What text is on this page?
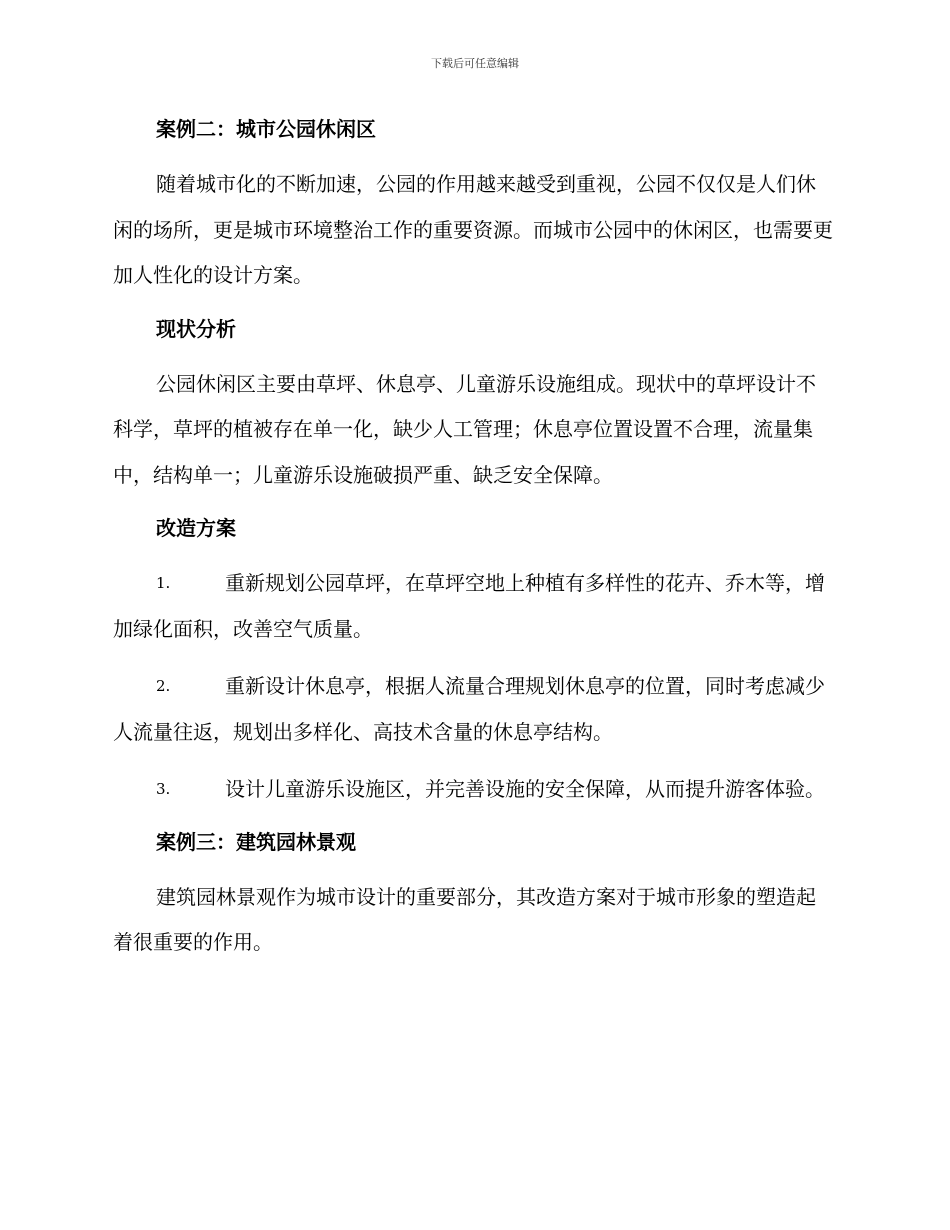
下载后可任意编辑
案例二：城市公园休闲区

随着城市化的不断加速，公园的作用越来越受到重视，公园不仅仅是人们休闲的场所，更是城市环境整治工作的重要资源。而城市公园中的休闲区，也需要更加人性化的设计方案。

现状分析

公园休闲区主要由草坪、休息亭、儿童游乐设施组成。现状中的草坪设计不科学，草坪的植被存在单一化，缺少人工管理；休息亭位置设置不合理，流量集中，结构单一；儿童游乐设施破损严重、缺乏安全保障。

改造方案
1.	重新规划公园草坪，在草坪空地上种植有多样性的花卉、乔木等，增加绿化面积，改善空气质量。
2.	重新设计休息亭，根据人流量合理规划休息亭的位置，同时考虑减少人流量往返，规划出多样化、高技术含量的休息亭结构。
3.	设计儿童游乐设施区，并完善设施的安全保障，从而提升游客体验。
案例三：建筑园林景观

建筑园林景观作为城市设计的重要部分，其改造方案对于城市形象的塑造起着很重要的作用。
